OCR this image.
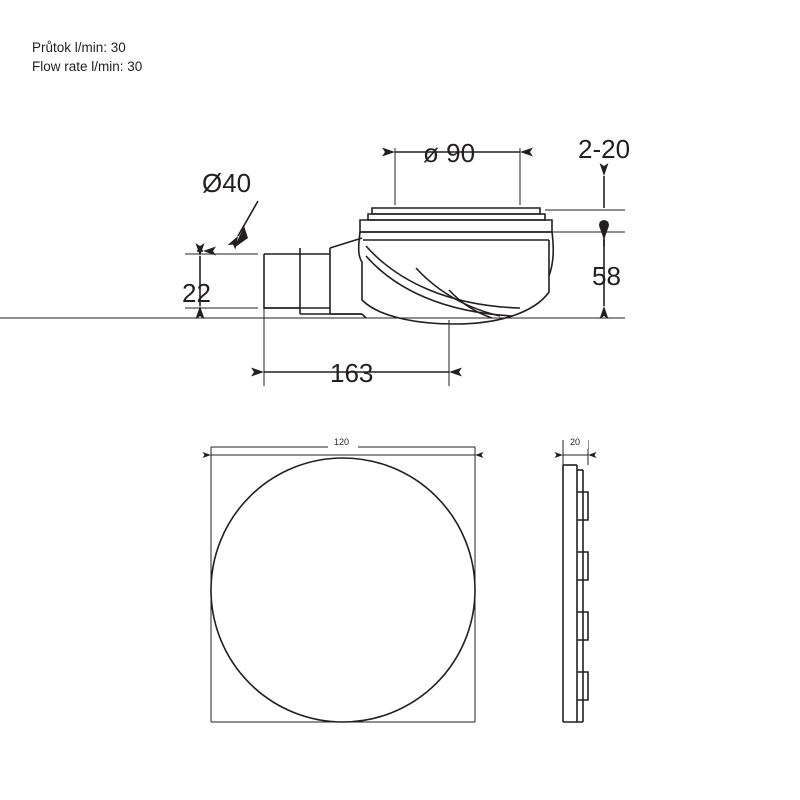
Průtok l/min: 30
Flow rate l/min: 30
ø 90	2-20
Ø40
22
58
163
120	20
